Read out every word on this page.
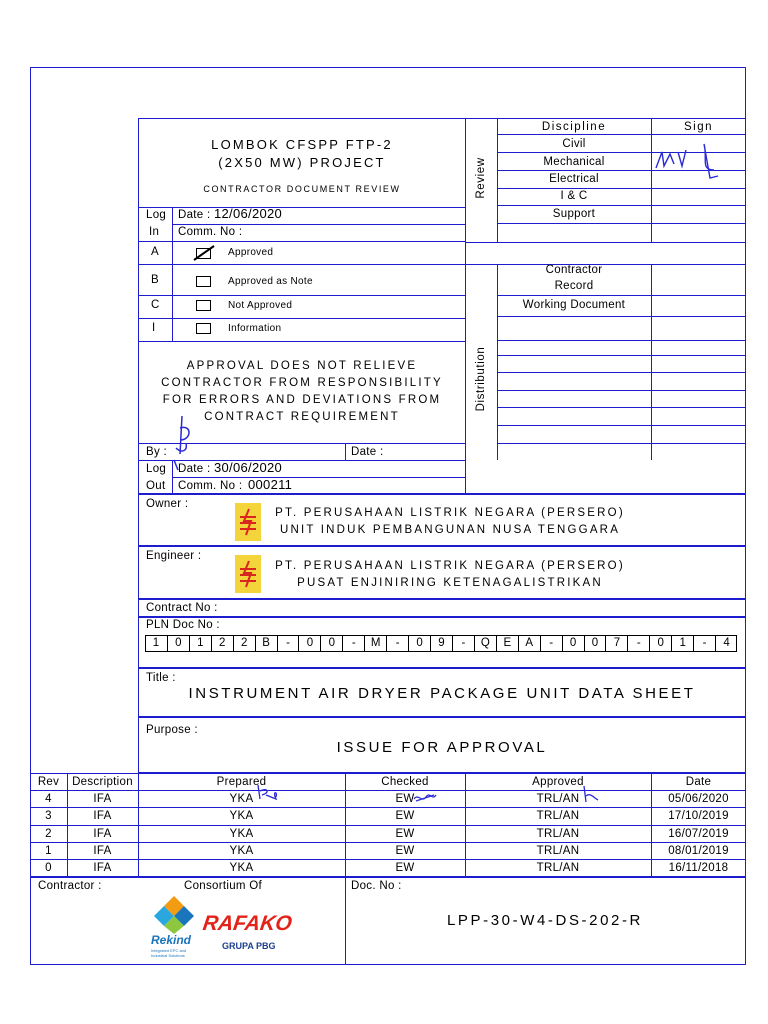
LOMBOK CFSPP FTP-2
(2X50 MW) PROJECT
CONTRACTOR DOCUMENT REVIEW	Review
Discipline	Sign
Civil
Mechanical
Electrical
I & C
Support
Log
In
Date : 12/06/2020
Comm. No :
A	Approved
B	Approved as Note
C	Not Approved
I	Information
APPROVAL DOES NOT RELIEVE
CONTRACTOR FROM RESPONSIBILITY
FOR ERRORS AND DEVIATIONS FROM
CONTRACT REQUIREMENT
Distribution
Contractor
Record
Working Document
By :	Date :
Log
Out
Date : 30/06/2020
Comm. No : 000211
Owner :
PT. PERUSAHAAN LISTRIK NEGARA (PERSERO)
UNIT INDUK PEMBANGUNAN NUSA TENGGARA
Engineer :
PT. PERUSAHAAN LISTRIK NEGARA (PERSERO)
PUSAT ENJINIRING KETENAGALISTRIKAN
Contract No :
PLN Doc No :
1	0	1	2	2	B	-	0	0	-	M	-	0	9	-	Q	E	A	-	0	0	7	-	0	1	-	4
Title :
INSTRUMENT AIR DRYER PACKAGE UNIT DATA SHEET
Purpose :
ISSUE FOR APPROVAL
Rev	Description	Prepared	Checked	Approved	Date
4	IFA	YKA	EW	TRL/AN	05/06/2020
3	IFA	YKA	EW	TRL/AN	17/10/2019
2	IFA	YKA	EW	TRL/AN	16/07/2019
1	IFA	YKA	EW	TRL/AN	08/01/2019
0	IFA	YKA	EW	TRL/AN	16/11/2018
Contractor :	Consortium Of	Doc. No :
LPP-30-W4-DS-202-R
Rekind
Integrated EPC and Industrial Solutions
RAFAKO
GRUPA PBG
